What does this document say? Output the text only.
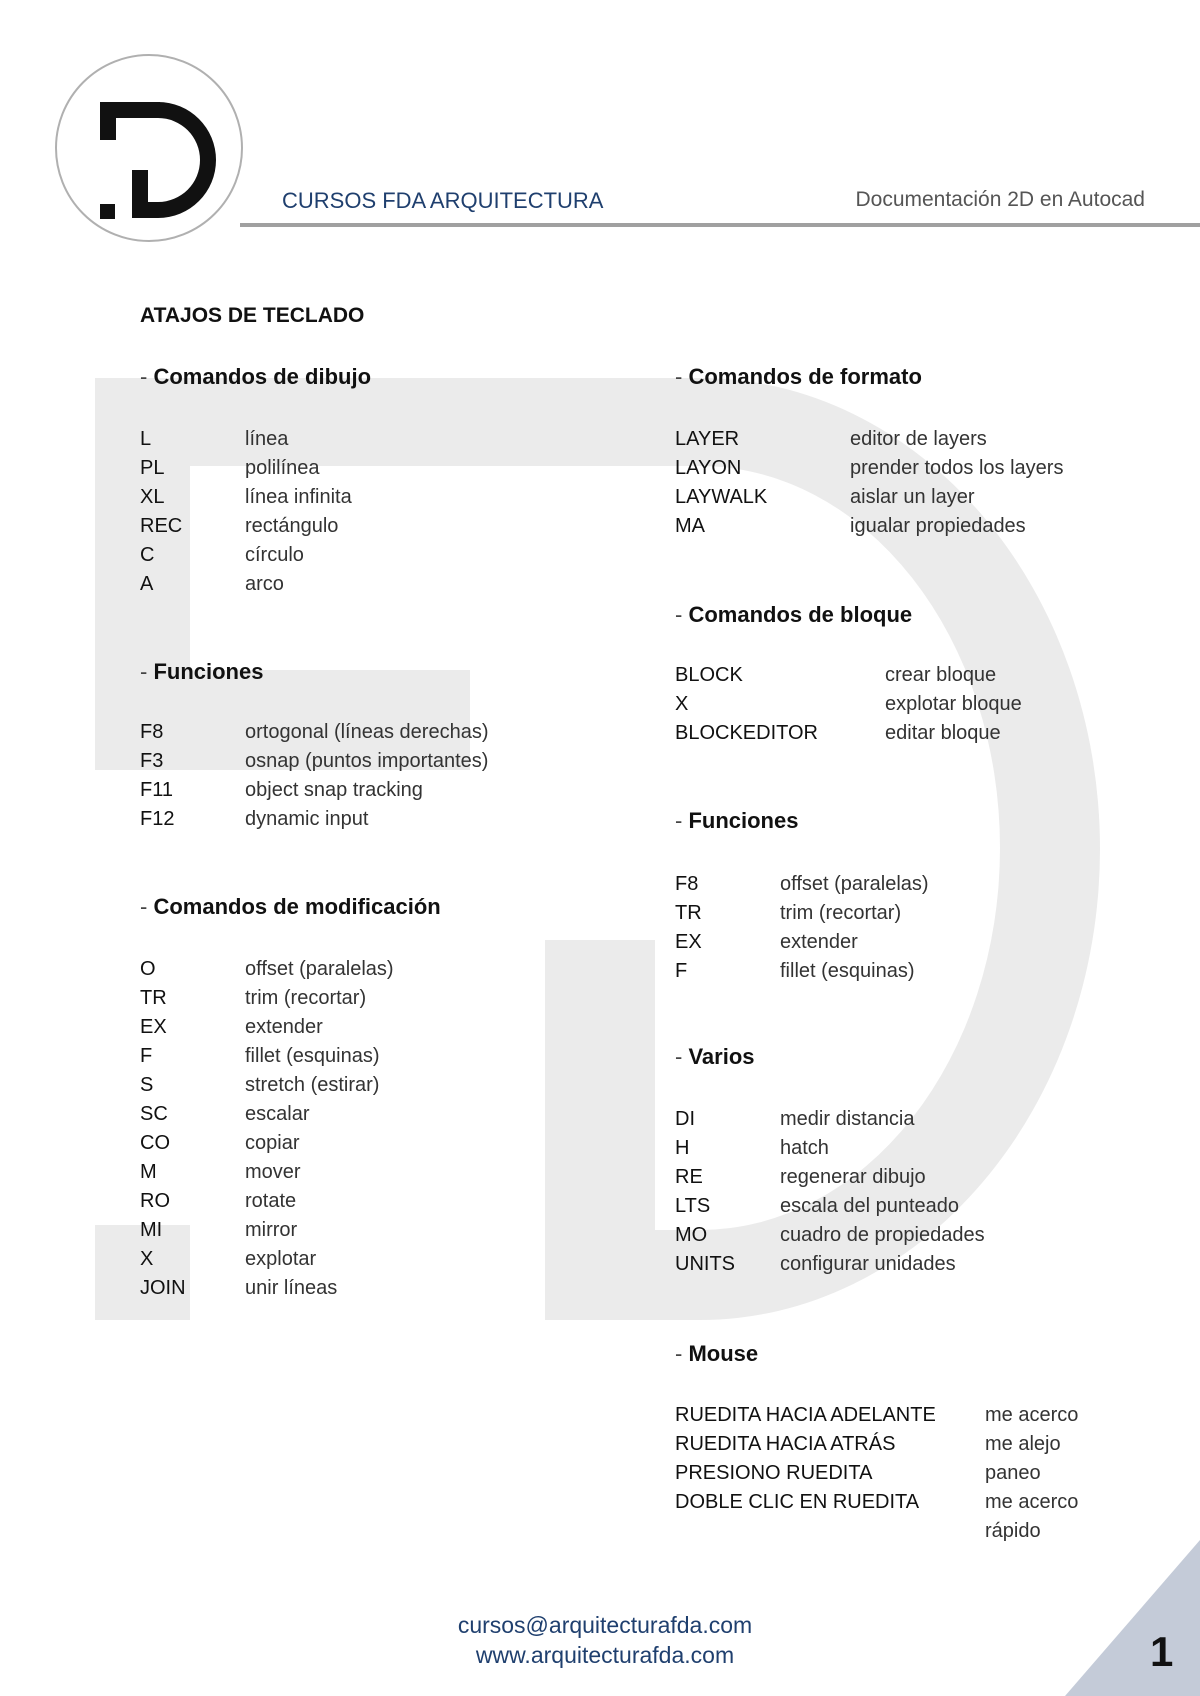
CURSOS FDA ARQUITECTURA	Documentación 2D en Autocad
ATAJOS DE TECLADO
- Comandos de dibujo
L	línea
PL	polilínea
XL	línea infinita
REC	rectángulo
C	círculo
A	arco
- Funciones
F8	ortogonal (líneas derechas)
F3	osnap (puntos importantes)
F11	object snap tracking
F12	dynamic input
- Comandos de modificación
O	offset (paralelas)
TR	trim (recortar)
EX	extender
F	fillet (esquinas)
S	stretch (estirar)
SC	escalar
CO	copiar
M	mover
RO	rotate
MI	mirror
X	explotar
JOIN	unir líneas
- Comandos de formato
LAYER	editor de layers
LAYON	prender todos los layers
LAYWALK	aislar un layer
MA	igualar propiedades
- Comandos de bloque
BLOCK	crear bloque
X	explotar bloque
BLOCKEDITOR	editar bloque
- Funciones
F8	offset (paralelas)
TR	trim (recortar)
EX	extender
F	fillet (esquinas)
- Varios
DI	medir distancia
H	hatch
RE	regenerar dibujo
LTS	escala del punteado
MO	cuadro de propiedades
UNITS	configurar unidades
- Mouse
RUEDITA HACIA ADELANTE	me acerco
RUEDITA HACIA ATRÁS	me alejo
PRESIONO RUEDITA	paneo
DOBLE CLIC EN RUEDITA	me acerco
rápido
cursos@arquitecturafda.com
www.arquitecturafda.com	1
